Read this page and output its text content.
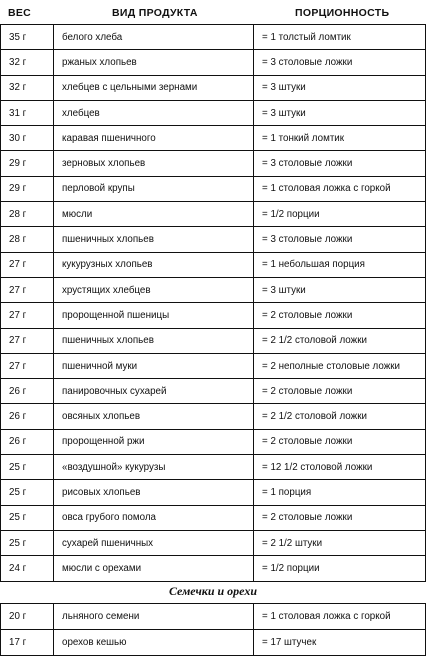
ВЕС	ВИД ПРОДУКТА	ПОРЦИОННОСТЬ
35 г	белого хлеба	= 1 толстый ломтик
32 г	ржаных хлопьев	= 3 столовые ложки
32 г	хлебцев с цельными зернами	= 3 штуки
31 г	хлебцев	= 3 штуки
30 г	каравая пшеничного	= 1 тонкий ломтик
29 г	зерновых хлопьев	= 3 столовые ложки
29 г	перловой крупы	= 1 столовая ложка с горкой
28 г	мюсли	= 1/2 порции
28 г	пшеничных хлопьев	= 3 столовые ложки
27 г	кукурузных хлопьев	= 1 небольшая порция
27 г	хрустящих хлебцев	= 3 штуки
27 г	пророщенной пшеницы	= 2 столовые ложки
27 г	пшеничных хлопьев	= 2 1/2 столовой ложки
27 г	пшеничной муки	= 2 неполные столовые ложки
26 г	панировочных сухарей	= 2 столовые ложки
26 г	овсяных хлопьев	= 2 1/2 столовой ложки
26 г	пророщенной ржи	= 2 столовые ложки
25 г	«воздушной» кукурузы	= 12 1/2 столовой ложки
25 г	рисовых хлопьев	= 1 порция
25 г	овса грубого помола	= 2 столовые ложки
25 г	сухарей пшеничных	= 2 1/2 штуки
24 г	мюсли с орехами	= 1/2 порции
Семечки и орехи
20 г	льняного семени	= 1 столовая ложка с горкой
17 г	орехов кешью	= 17 штучек
